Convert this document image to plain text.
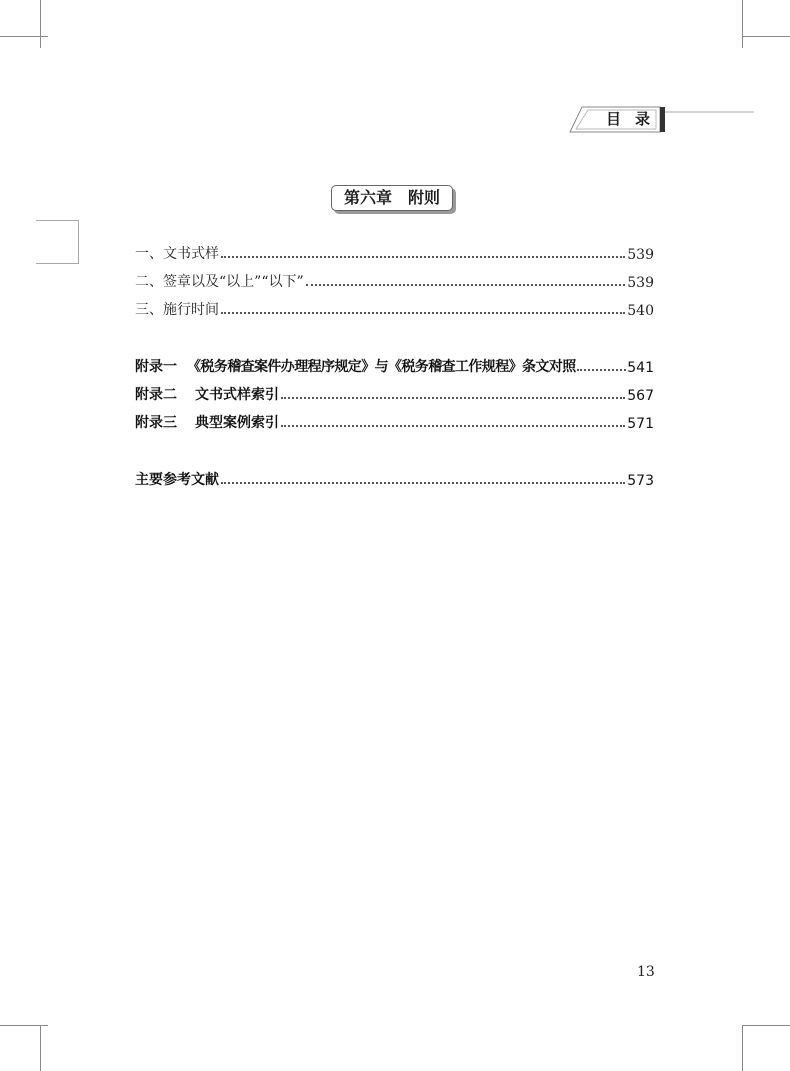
目录
第六章　附则
一、文书式样	539
二、签章以及“以上”“以下”	539
三、施行时间	540
附录一 《税务稽查案件办理程序规定》与《税务稽查工作规程》条文对照	541
附录二 文书式样索引	567
附录三 典型案例索引	571
主要参考文献	573
13
